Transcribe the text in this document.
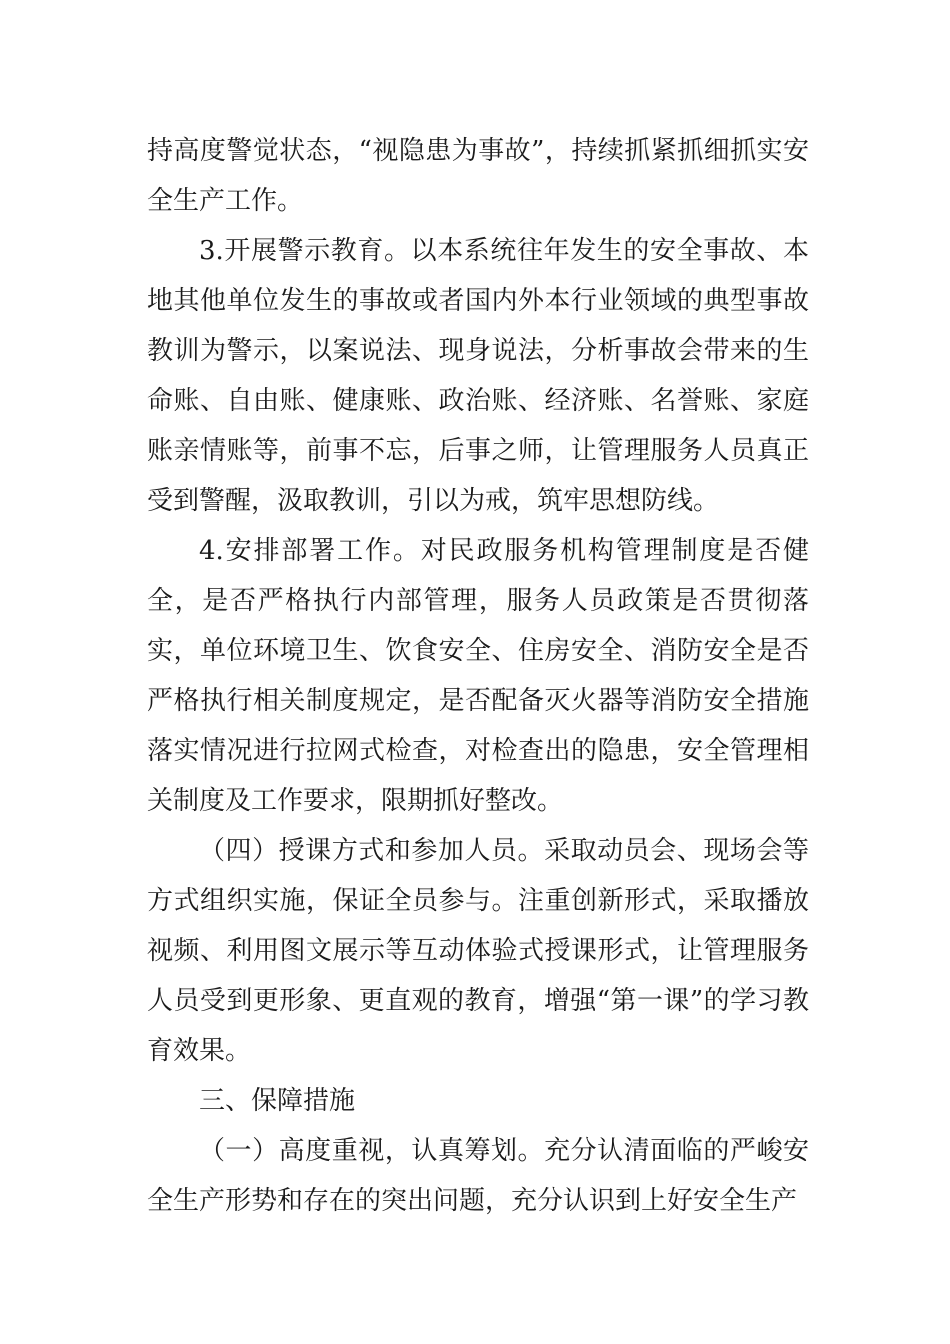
持高度警觉状态，“视隐患为事故”，持续抓紧抓细抓实安全生产工作。

3.开展警示教育。以本系统往年发生的安全事故、本地其他单位发生的事故或者国内外本行业领域的典型事故教训为警示，以案说法、现身说法，分析事故会带来的生命账、自由账、健康账、政治账、经济账、名誉账、家庭账亲情账等，前事不忘，后事之师，让管理服务人员真正受到警醒，汲取教训，引以为戒，筑牢思想防线。

4.安排部署工作。对民政服务机构管理制度是否健全，是否严格执行内部管理，服务人员政策是否贯彻落实，单位环境卫生、饮食安全、住房安全、消防安全是否严格执行相关制度规定，是否配备灭火器等消防安全措施落实情况进行拉网式检查，对检查出的隐患，安全管理相关制度及工作要求，限期抓好整改。

（四）授课方式和参加人员。采取动员会、现场会等方式组织实施，保证全员参与。注重创新形式，采取播放视频、利用图文展示等互动体验式授课形式，让管理服务人员受到更形象、更直观的教育，增强“第一课”的学习教育效果。

三、保障措施

（一）高度重视，认真筹划。充分认清面临的严峻安全生产形势和存在的突出问题，充分认识到上好安全生产
